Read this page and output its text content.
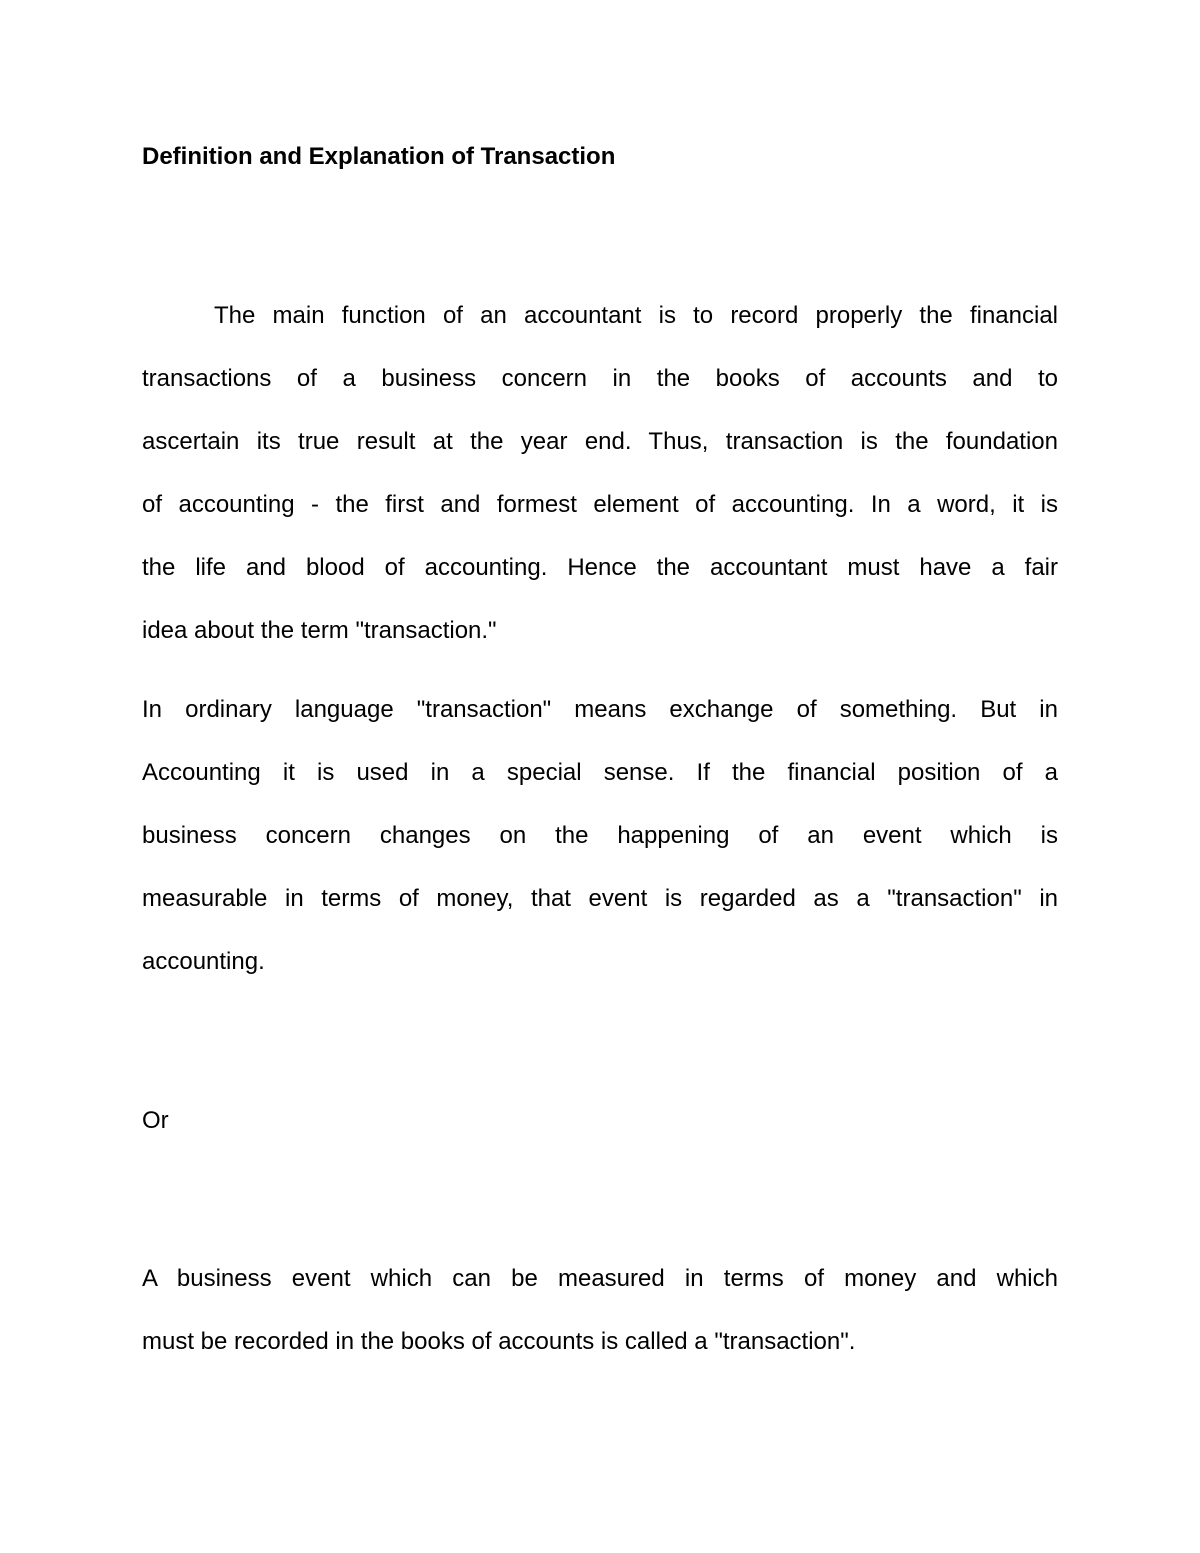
Definition and Explanation of Transaction
The main function of an accountant is to record properly the financial
transactions of a business concern in the books of accounts and to
ascertain its true result at the year end. Thus, transaction is the foundation
of accounting - the first and formest element of accounting. In a word, it is
the life and blood of accounting. Hence the accountant must have a fair
idea about the term "transaction."
In ordinary language "transaction" means exchange of something. But in
Accounting it is used in a special sense. If the financial position of a
business concern changes on the happening of an event which is
measurable in terms of money, that event is regarded as a "transaction" in
accounting.
Or
A business event which can be measured in terms of money and which
must be recorded in the books of accounts is called a "transaction".
